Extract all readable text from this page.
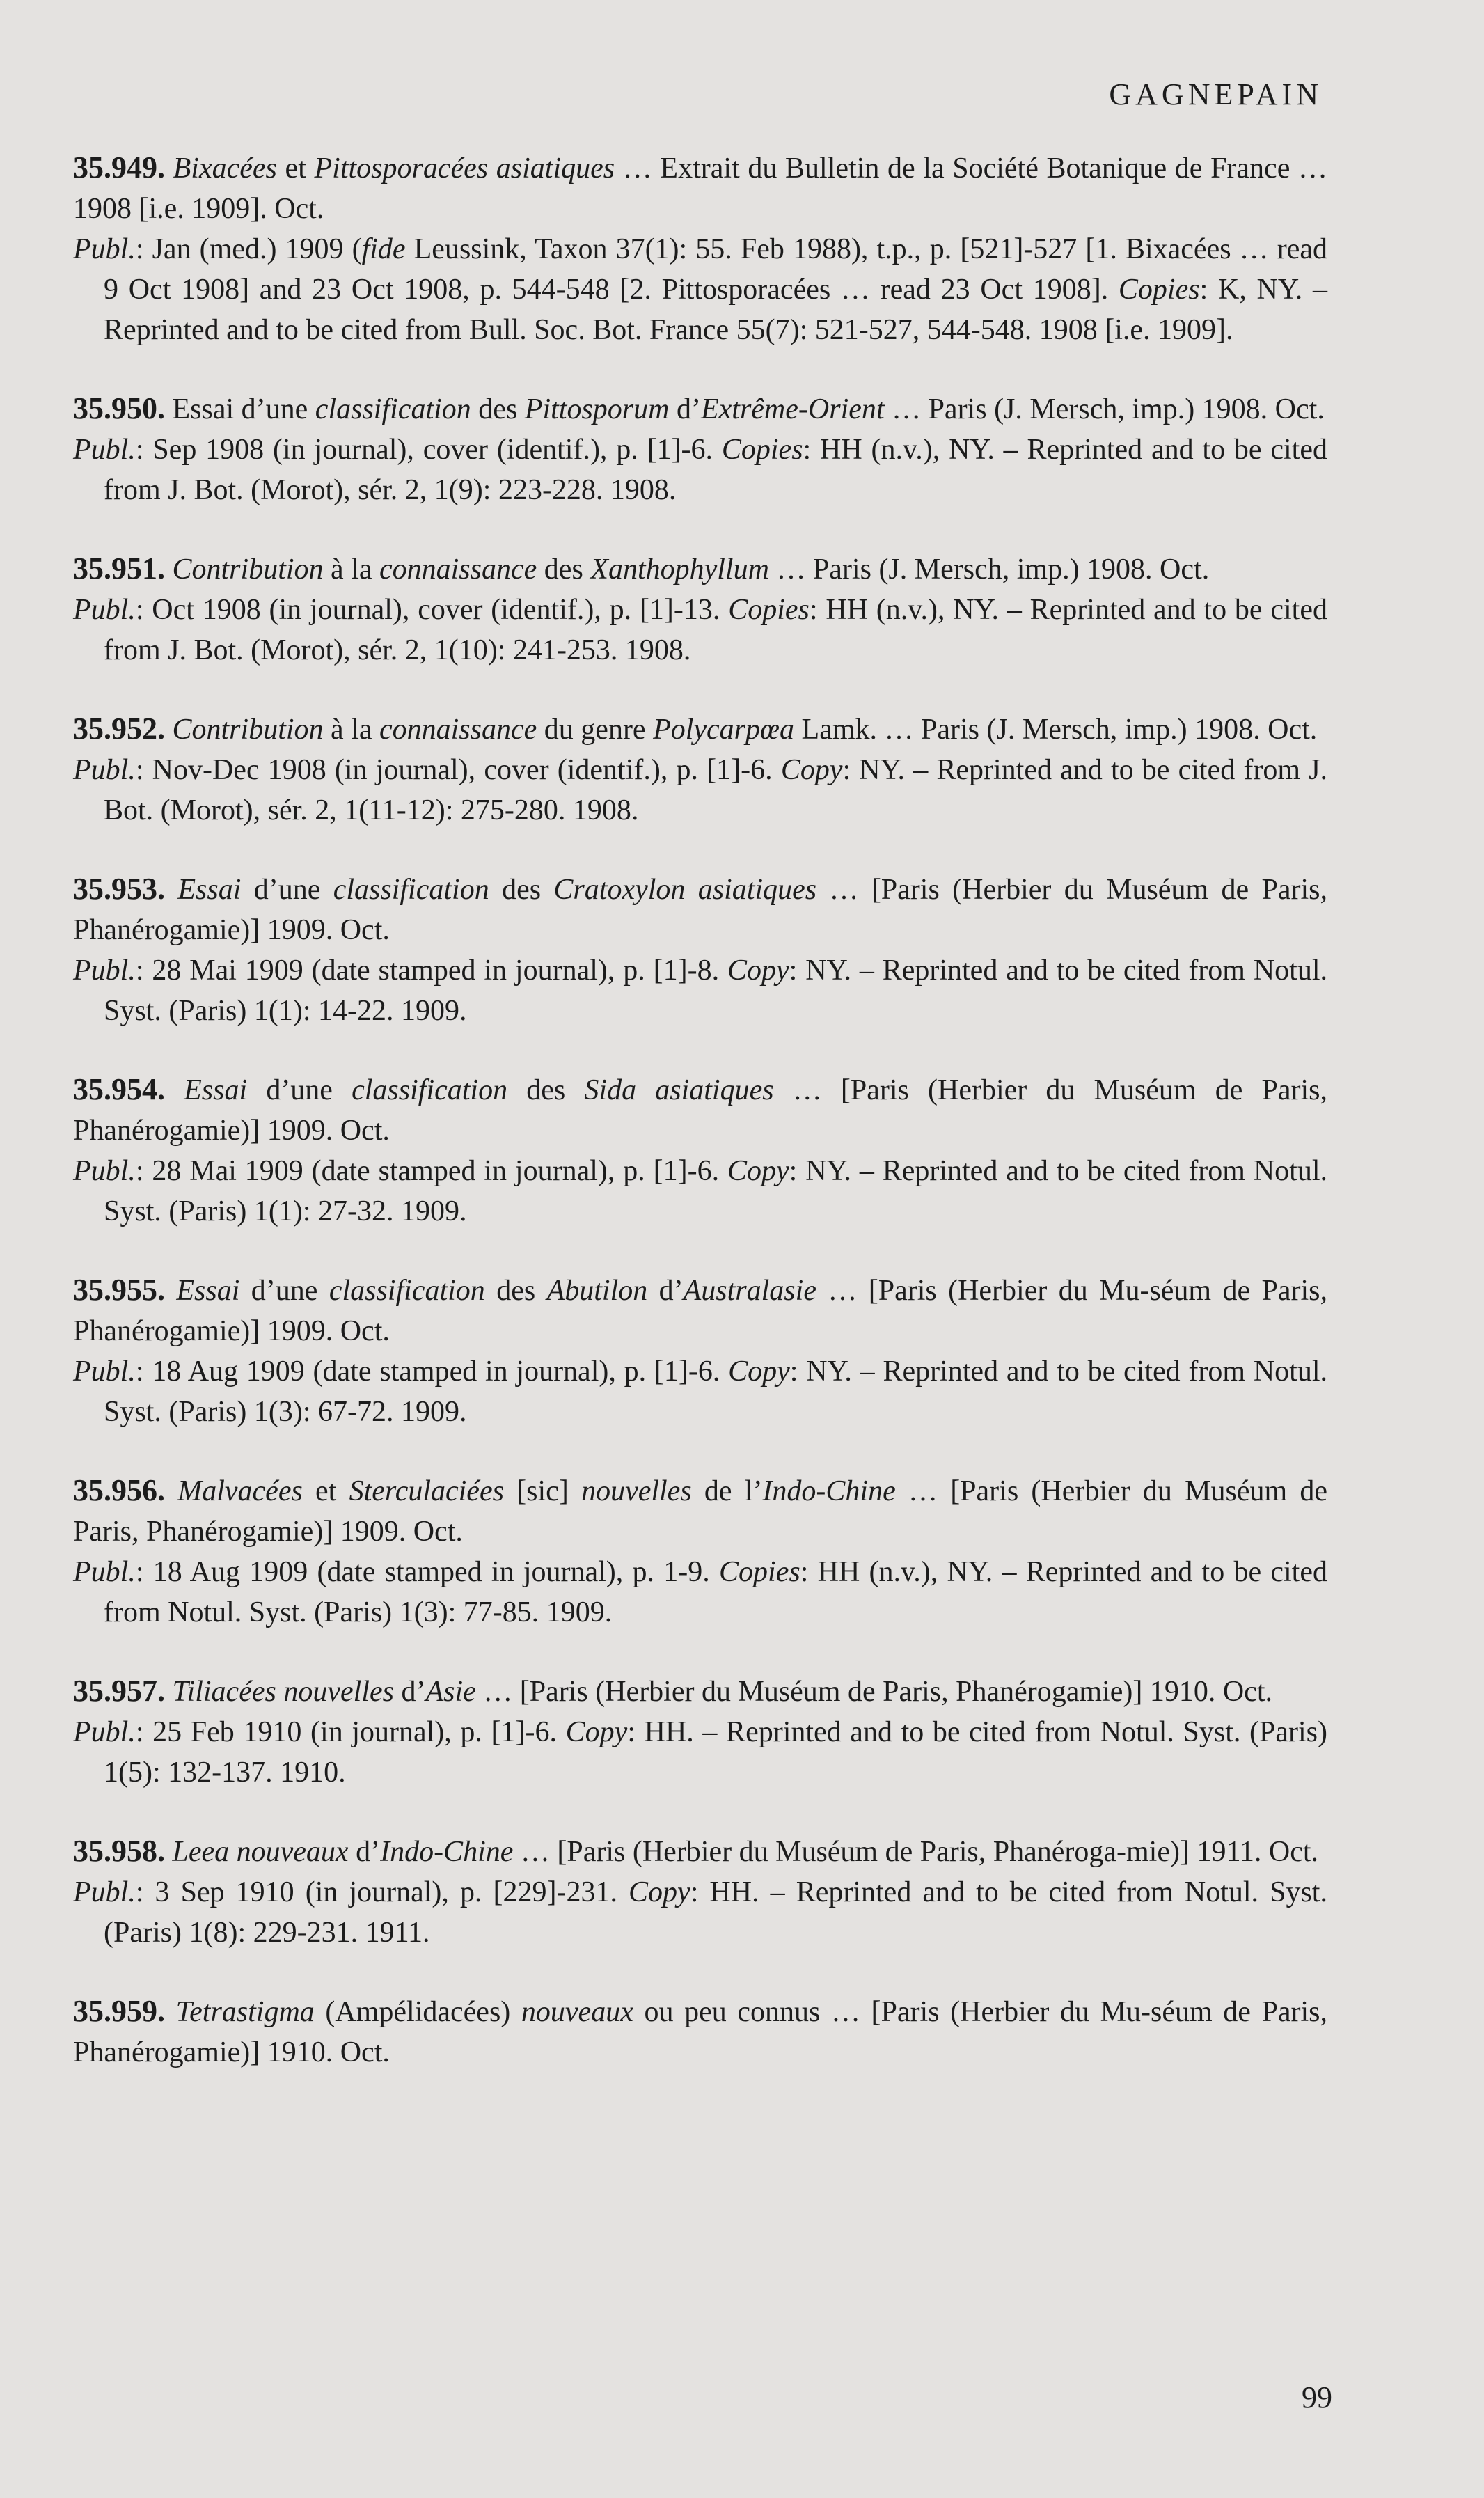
GAGNEPAIN
35.949. Bixacées et Pittosporacées asiatiques … Extrait du Bulletin de la Société Botanique de France … 1908 [i.e. 1909]. Oct.
Publ.: Jan (med.) 1909 (fide Leussink, Taxon 37(1): 55. Feb 1988), t.p., p. [521]-527 [1. Bixacées … read 9 Oct 1908] and 23 Oct 1908, p. 544-548 [2. Pittosporacées … read 23 Oct 1908]. Copies: K, NY. – Reprinted and to be cited from Bull. Soc. Bot. France 55(7): 521-527, 544-548. 1908 [i.e. 1909].
35.950. Essai d’une classification des Pittosporum d’Extrême-Orient … Paris (J. Mersch, imp.) 1908. Oct.
Publ.: Sep 1908 (in journal), cover (identif.), p. [1]-6. Copies: HH (n.v.), NY. – Reprinted and to be cited from J. Bot. (Morot), sér. 2, 1(9): 223-228. 1908.
35.951. Contribution à la connaissance des Xanthophyllum … Paris (J. Mersch, imp.) 1908. Oct.
Publ.: Oct 1908 (in journal), cover (identif.), p. [1]-13. Copies: HH (n.v.), NY. – Reprinted and to be cited from J. Bot. (Morot), sér. 2, 1(10): 241-253. 1908.
35.952. Contribution à la connaissance du genre Polycarpœa Lamk. … Paris (J. Mersch, imp.) 1908. Oct.
Publ.: Nov-Dec 1908 (in journal), cover (identif.), p. [1]-6. Copy: NY. – Reprinted and to be cited from J. Bot. (Morot), sér. 2, 1(11-12): 275-280. 1908.
35.953. Essai d’une classification des Cratoxylon asiatiques … [Paris (Herbier du Muséum de Paris, Phanérogamie)] 1909. Oct.
Publ.: 28 Mai 1909 (date stamped in journal), p. [1]-8. Copy: NY. – Reprinted and to be cited from Notul. Syst. (Paris) 1(1): 14-22. 1909.
35.954. Essai d’une classification des Sida asiatiques … [Paris (Herbier du Muséum de Paris, Phanérogamie)] 1909. Oct.
Publ.: 28 Mai 1909 (date stamped in journal), p. [1]-6. Copy: NY. – Reprinted and to be cited from Notul. Syst. (Paris) 1(1): 27-32. 1909.
35.955. Essai d’une classification des Abutilon d’Australasie … [Paris (Herbier du Mu-séum de Paris, Phanérogamie)] 1909. Oct.
Publ.: 18 Aug 1909 (date stamped in journal), p. [1]-6. Copy: NY. – Reprinted and to be cited from Notul. Syst. (Paris) 1(3): 67-72. 1909.
35.956. Malvacées et Sterculaciées [sic] nouvelles de l’Indo-Chine … [Paris (Herbier du Muséum de Paris, Phanérogamie)] 1909. Oct.
Publ.: 18 Aug 1909 (date stamped in journal), p. 1-9. Copies: HH (n.v.), NY. – Reprinted and to be cited from Notul. Syst. (Paris) 1(3): 77-85. 1909.
35.957. Tiliacées nouvelles d’Asie … [Paris (Herbier du Muséum de Paris, Phanérogamie)] 1910. Oct.
Publ.: 25 Feb 1910 (in journal), p. [1]-6. Copy: HH. – Reprinted and to be cited from Notul. Syst. (Paris) 1(5): 132-137. 1910.
35.958. Leea nouveaux d’Indo-Chine … [Paris (Herbier du Muséum de Paris, Phanéroga-mie)] 1911. Oct.
Publ.: 3 Sep 1910 (in journal), p. [229]-231. Copy: HH. – Reprinted and to be cited from Notul. Syst. (Paris) 1(8): 229-231. 1911.
35.959. Tetrastigma (Ampélidacées) nouveaux ou peu connus … [Paris (Herbier du Mu-séum de Paris, Phanérogamie)] 1910. Oct.
99
